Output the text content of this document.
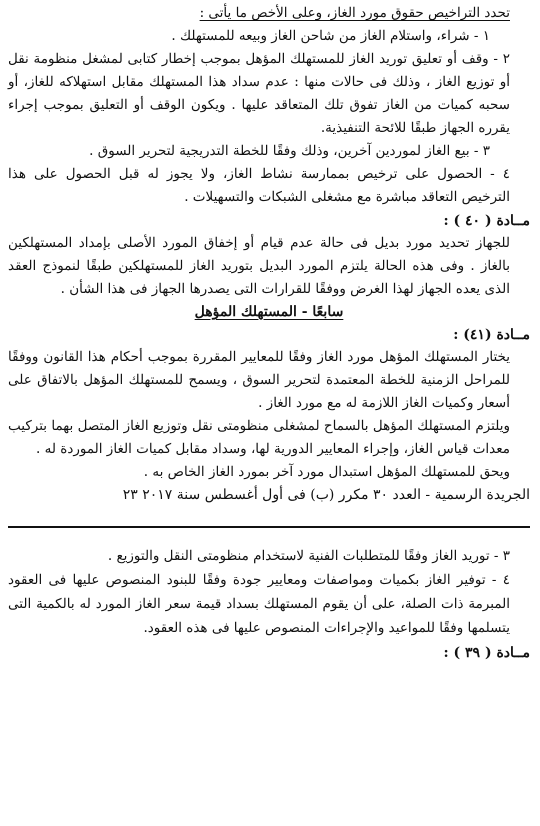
تحدد التراخيص حقوق مورد الغاز، وعلى الأخص ما يأتى :

١ - شراء، واستلام الغاز من شاحن الغاز وبيعه للمستهلك .

٢ - وقف أو تعليق توريد الغاز للمستهلك المؤهل بموجب إخطار كتابى لمشغل منظومة نقل أو توزيع الغاز ، وذلك فى حالات منها : عدم سداد هذا المستهلك مقابل استهلاكه للغاز، أو سحبه كميات من الغاز تفوق تلك المتعاقد عليها . ويكون الوقف أو التعليق بموجب إجراء يقرره الجهاز طبقًا للائحة التنفيذية.

٣ - بيع الغاز لموردين آخرين، وذلك وفقًا للخطة التدريجية لتحرير السوق .

٤ - الحصول على ترخيص بممارسة نشاط الغاز، ولا يجوز له قبل الحصول على هذا الترخيص التعاقد مباشرة مع مشغلى الشبكات والتسهيلات .

مــادة ( ٤٠ ) :

للجهاز تحديد مورد بديل فى حالة عدم قيام أو إخفاق المورد الأصلى بإمداد المستهلكين بالغاز . وفى هذه الحالة يلتزم المورد البديل بتوريد الغاز للمستهلكين طبقًا لنموذج العقد الذى يعده الجهاز لهذا الغرض ووفقًا للقرارات التى يصدرها الجهاز فى هذا الشأن .

سابعًا - المستهلك المؤهل

مــادة (٤١) :

يختار المستهلك المؤهل مورد الغاز وفقًا للمعايير المقررة بموجب أحكام هذا القانون ووفقًا للمراحل الزمنية للخطة المعتمدة لتحرير السوق ، ويسمح للمستهلك المؤهل بالاتفاق على أسعار وكميات الغاز اللازمة له مع مورد الغاز .

ويلتزم المستهلك المؤهل بالسماح لمشغلى منظومتى نقل وتوزيع الغاز المتصل بهما بتركيب معدات قياس الغاز، وإجراء المعايير الدورية لها، وسداد مقابل كميات الغاز الموردة له .

ويحق للمستهلك المؤهل استبدال مورد آخر بمورد الغاز الخاص به .

الجريدة الرسمية - العدد ٣٠ مكرر (ب) فى أول أغسطس سنة ٢٠١٧ ٢٣

٣ - توريد الغاز وفقًا للمتطلبات الفنية لاستخدام منظومتى النقل والتوزيع .

٤ - توفير الغاز بكميات ومواصفات ومعايير جودة وفقًا للبنود المنصوص عليها فى العقود المبرمة ذات الصلة، على أن يقوم المستهلك بسداد قيمة سعر الغاز المورد له بالكمية التى يتسلمها وفقًا للمواعيد والإجراءات المنصوص عليها فى هذه العقود.

مــادة ( ٣٩ ) :
